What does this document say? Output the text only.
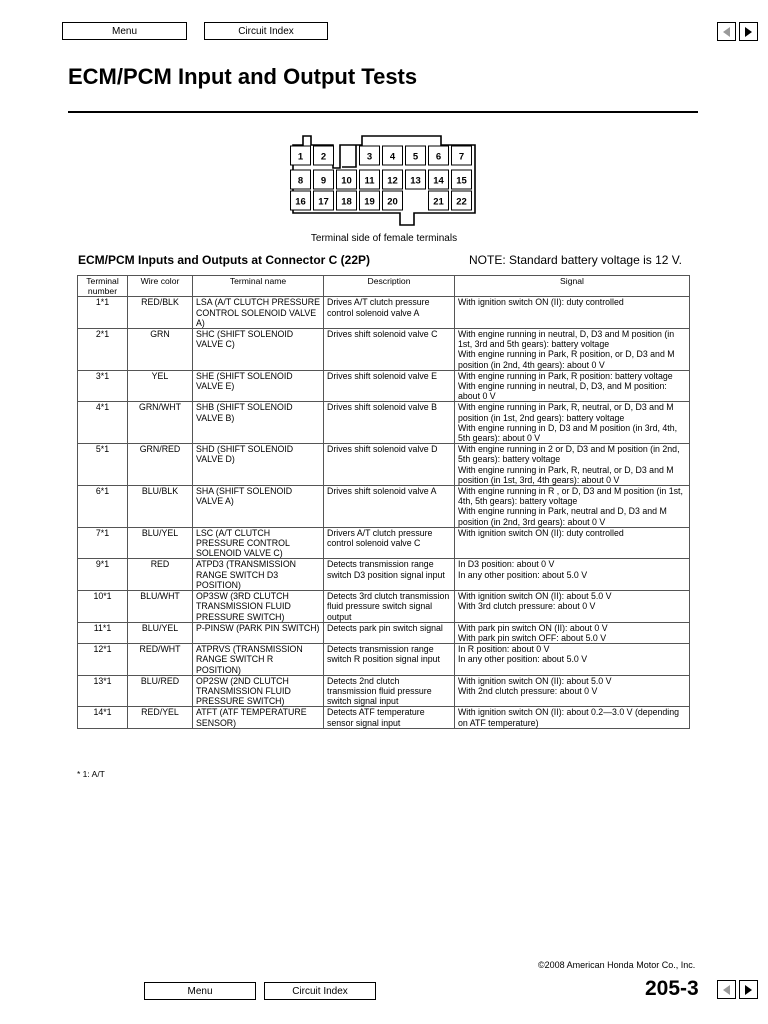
Menu	Circuit Index
ECM/PCM Input and Output Tests
1 2	3 4 5 6 7
8 9 10 11 12 13 14 15
16 17 18 19 20	21 22
Terminal side of female terminals
ECM/PCM Inputs and Outputs at Connector C (22P)	NOTE: Standard battery voltage is 12 V.
Terminal number	Wire color	Terminal name	Description	Signal
1*1	RED/BLK	LSA (A/T CLUTCH PRESSURE CONTROL SOLENOID VALVE A)	Drives A/T clutch pressure control solenoid valve A	With ignition switch ON (II): duty controlled
2*1	GRN	SHC (SHIFT SOLENOID VALVE C)	Drives shift solenoid valve C	With engine running in neutral, D, D3 and M position (in 1st, 3rd and 5th gears): battery voltage
With engine running in Park, R position, or D, D3 and M position (in 2nd, 4th gears): about 0 V
3*1	YEL	SHE (SHIFT SOLENOID VALVE E)	Drives shift solenoid valve E	With engine running in Park, R position: battery voltage
With engine running in neutral, D, D3, and M position: about 0 V
4*1	GRN/WHT	SHB (SHIFT SOLENOID VALVE B)	Drives shift solenoid valve B	With engine running in Park, R, neutral, or D, D3 and M position (in 1st, 2nd gears): battery voltage
With engine running in D, D3 and M position (in 3rd, 4th, 5th gears): about 0 V
5*1	GRN/RED	SHD (SHIFT SOLENOID VALVE D)	Drives shift solenoid valve D	With engine running in 2 or D, D3 and M position (in 2nd, 5th gears): battery voltage
With engine running in Park, R, neutral, or D, D3 and M position (in 1st, 3rd, 4th gears): about 0 V
6*1	BLU/BLK	SHA (SHIFT SOLENOID VALVE A)	Drives shift solenoid valve A	With engine running in R , or D, D3 and M position (in 1st, 4th, 5th gears): battery voltage
With engine running in Park, neutral and D, D3 and M position (in 2nd, 3rd gears): about 0 V
7*1	BLU/YEL	LSC (A/T CLUTCH PRESSURE CONTROL SOLENOID VALVE C)	Drivers A/T clutch pressure control solenoid valve C	With ignition switch ON (II): duty controlled
9*1	RED	ATPD3 (TRANSMISSION RANGE SWITCH D3 POSITION)	Detects transmission range switch D3 position signal input	In D3 position: about 0 V
In any other position: about 5.0 V
10*1	BLU/WHT	OP3SW (3RD CLUTCH TRANSMISSION FLUID PRESSURE SWITCH)	Detects 3rd clutch transmission fluid pressure switch signal output	With ignition switch ON (II): about 5.0 V
With 3rd clutch pressure: about 0 V
11*1	BLU/YEL	P-PINSW (PARK PIN SWITCH)	Detects park pin switch signal	With park pin switch ON (II): about 0 V
With park pin switch OFF: about 5.0 V
12*1	RED/WHT	ATPRVS (TRANSMISSION RANGE SWITCH R POSITION)	Detects transmission range switch R position signal input	In R position: about 0 V
In any other position: about 5.0 V
13*1	BLU/RED	OP2SW (2ND CLUTCH TRANSMISSION FLUID PRESSURE SWITCH)	Detects 2nd clutch transmission fluid pressure switch signal input	With ignition switch ON (II): about 5.0 V
With 2nd clutch pressure: about 0 V
14*1	RED/YEL	ATFT (ATF TEMPERATURE SENSOR)	Detects ATF temperature sensor signal input	With ignition switch ON (II): about 0.2—3.0 V (depending on ATF temperature)
* 1: A/T
©2008 American Honda Motor Co., Inc.
Menu	Circuit Index	205-3
